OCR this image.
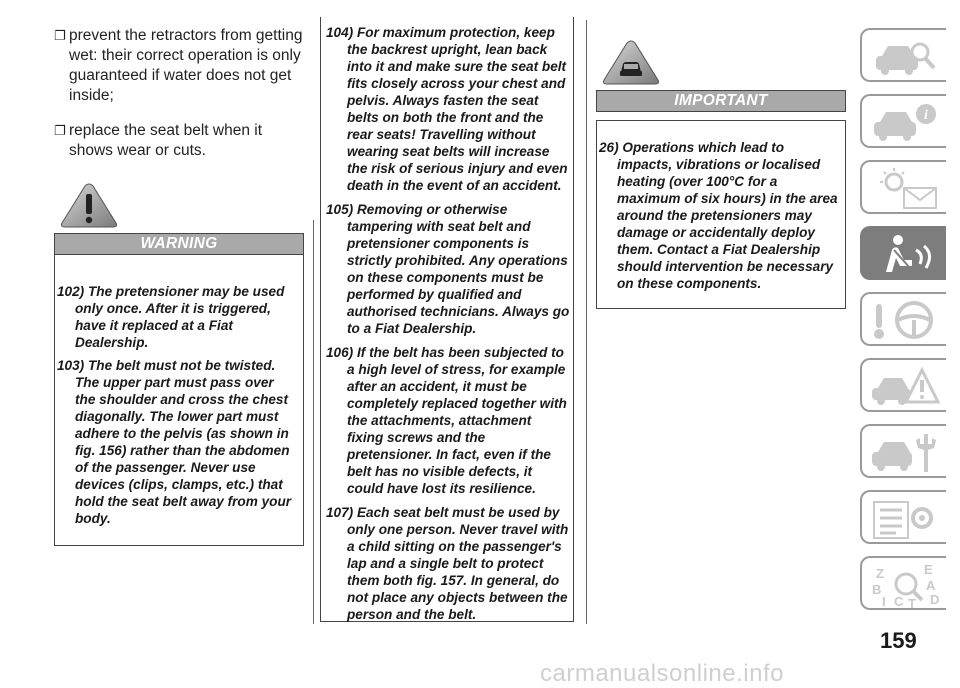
❐ prevent the retractors from getting wet: their correct operation is only guaranteed if water does not get inside;

❐ replace the seat belt when it shows wear or cuts.

WARNING

102) The pretensioner may be used only once. After it is triggered, have it replaced at a Fiat Dealership.

103) The belt must not be twisted. The upper part must pass over the shoulder and cross the chest diagonally. The lower part must adhere to the pelvis (as shown in fig. 156) rather than the abdomen of the passenger. Never use devices (clips, clamps, etc.) that hold the seat belt away from your body.

104) For maximum protection, keep the backrest upright, lean back into it and make sure the seat belt fits closely across your chest and pelvis. Always fasten the seat belts on both the front and the rear seats! Travelling without wearing seat belts will increase the risk of serious injury and even death in the event of an accident.

105) Removing or otherwise tampering with seat belt and pretensioner components is strictly prohibited. Any operations on these components must be performed by qualified and authorised technicians. Always go to a Fiat Dealership.

106) If the belt has been subjected to a high level of stress, for example after an accident, it must be completely replaced together with the attachments, attachment fixing screws and the pretensioner. In fact, even if the belt has no visible defects, it could have lost its resilience.

107) Each seat belt must be used by only one person. Never travel with a child sitting on the passenger's lap and a single belt to protect them both fig. 157. In general, do not place any objects between the person and the belt.

IMPORTANT

26) Operations which lead to impacts, vibrations or localised heating (over 100°C for a maximum of six hours) in the area around the pretensioners may damage or accidentally deploy them. Contact a Fiat Dealership should intervention be necessary on these components.

i
Z	E
B	A
I C T D
159
carmanualsonline.info
